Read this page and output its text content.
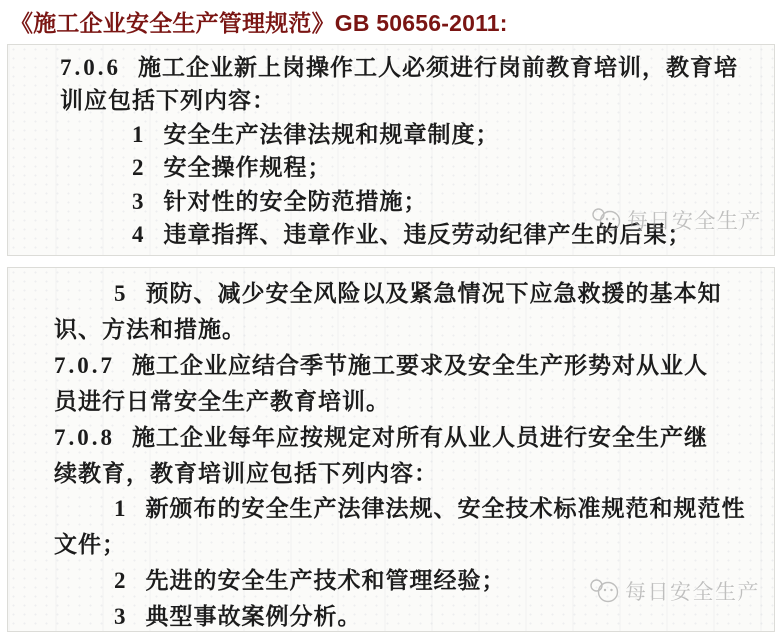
《施工企业安全生产管理规范》GB 50656-2011:
7.0.6 施工企业新上岗操作工人必须进行岗前教育培训，教育培
训应包括下列内容：
1 安全生产法律法规和规章制度；
2 安全操作规程；
3 针对性的安全防范措施；
4 违章指挥、违章作业、违反劳动纪律产生的后果；
每日安全生产
5 预防、减少安全风险以及紧急情况下应急救援的基本知
识、方法和措施。
7.0.7 施工企业应结合季节施工要求及安全生产形势对从业人
员进行日常安全生产教育培训。
7.0.8 施工企业每年应按规定对所有从业人员进行安全生产继
续教育，教育培训应包括下列内容：
1 新颁布的安全生产法律法规、安全技术标准规范和规范性
文件；
2 先进的安全生产技术和管理经验；
3 典型事故案例分析。
每日安全生产
